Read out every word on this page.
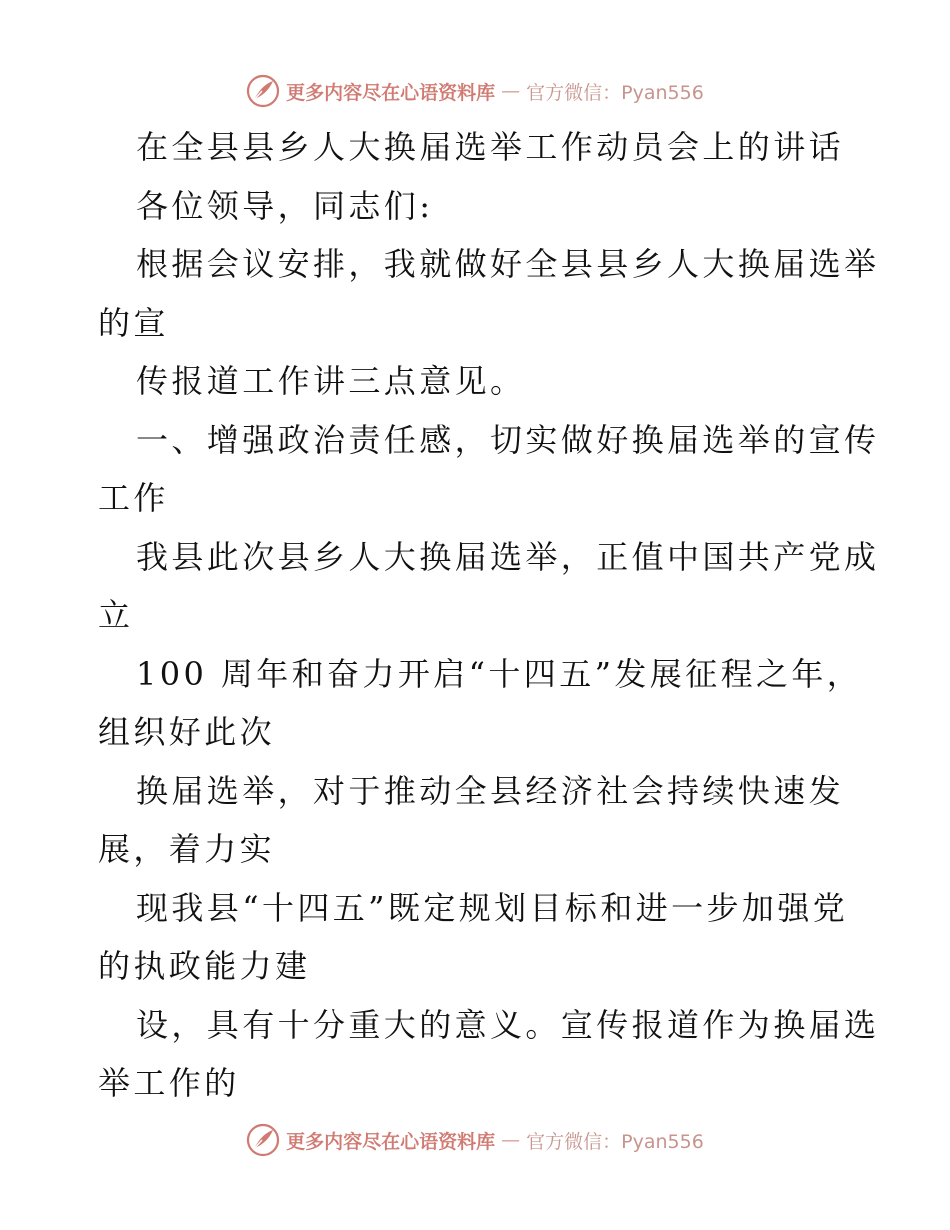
更多内容尽在心语资料库 — 官方微信：Pyan556
在全县县乡人大换届选举工作动员会上的讲话
各位领导，同志们:
根据会议安排，我就做好全县县乡人大换届选举
的宣
传报道工作讲三点意见。
一、增强政治责任感，切实做好换届选举的宣传
工作
我县此次县乡人大换届选举，正值中国共产党成
立
100 周年和奋力开启“十四五”发展征程之年，
组织好此次
换届选举，对于推动全县经济社会持续快速发
展，着力实
现我县“十四五”既定规划目标和进一步加强党
的执政能力建
设，具有十分重大的意义。宣传报道作为换届选
举工作的
更多内容尽在心语资料库 — 官方微信：Pyan556
